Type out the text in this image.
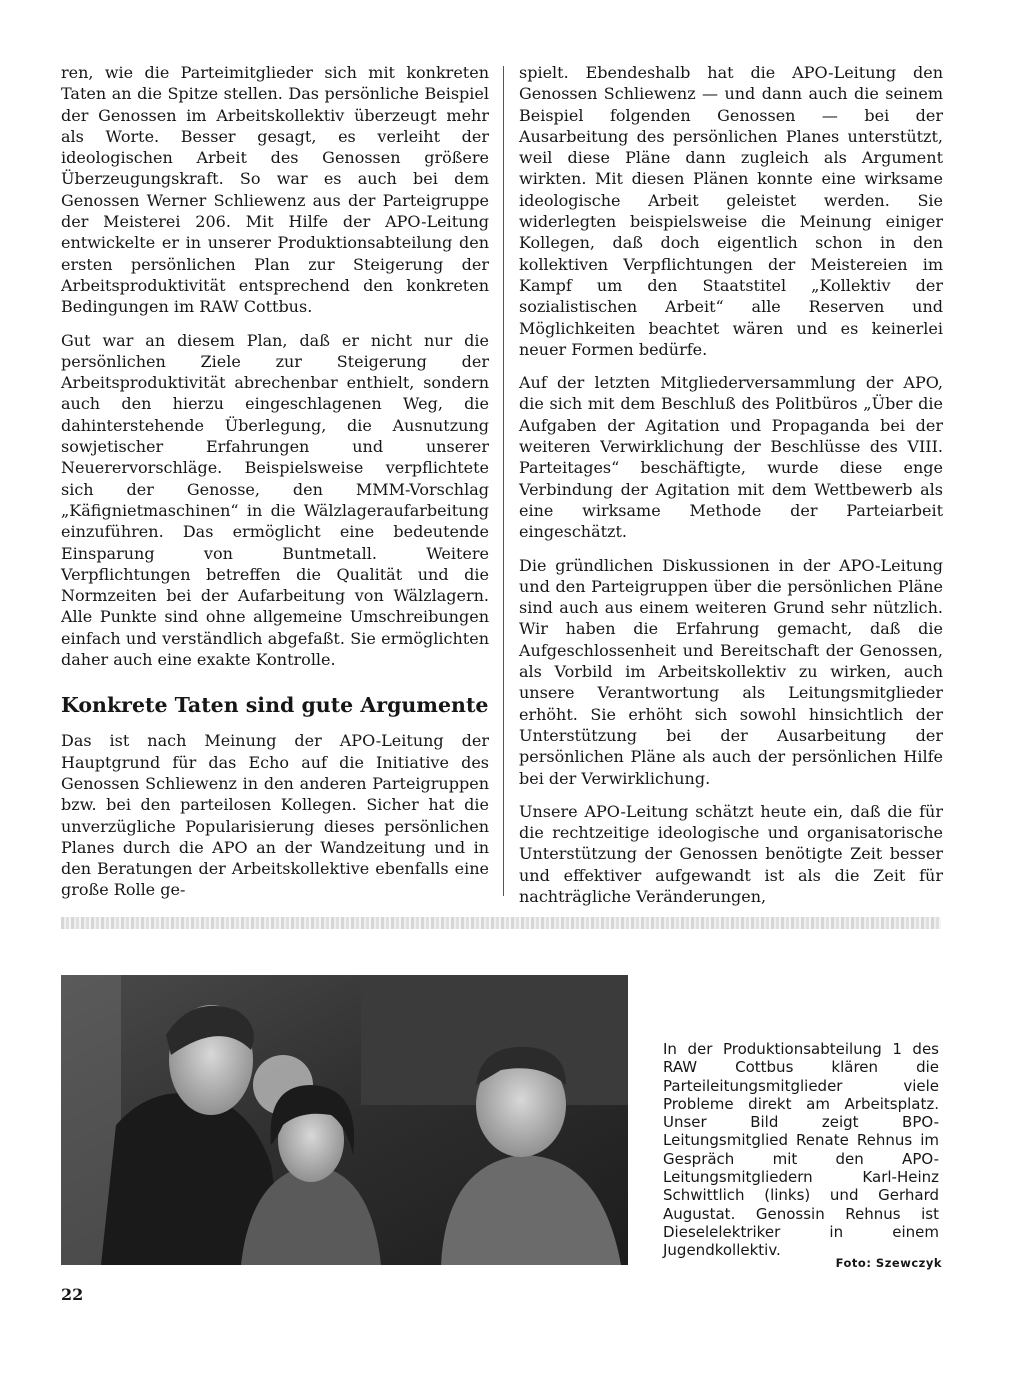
ren, wie die Parteimitglieder sich mit konkreten Taten an die Spitze stellen. Das persönliche Beispiel der Genossen im Arbeitskollektiv überzeugt mehr als Worte. Besser gesagt, es verleiht der ideologischen Arbeit des Genossen größere Überzeugungskraft. So war es auch bei dem Genossen Werner Schliewenz aus der Parteigruppe der Meisterei 206. Mit Hilfe der APO-Leitung entwickelte er in unserer Produktionsabteilung den ersten persönlichen Plan zur Steigerung der Arbeitsproduktivität entsprechend den konkreten Bedingungen im RAW Cottbus.

Gut war an diesem Plan, daß er nicht nur die persönlichen Ziele zur Steigerung der Arbeitsproduktivität abrechenbar enthielt, sondern auch den hierzu eingeschlagenen Weg, die dahinterstehende Überlegung, die Ausnutzung sowjetischer Erfahrungen und unserer Neuerervorschläge. Beispielsweise verpflichtete sich der Genosse, den MMM-Vorschlag „Käfignietmaschinen“ in die Wälzlageraufarbeitung einzuführen. Das ermöglicht eine bedeutende Einsparung von Buntmetall. Weitere Verpflichtungen betreffen die Qualität und die Normzeiten bei der Aufarbeitung von Wälzlagern. Alle Punkte sind ohne allgemeine Umschreibungen einfach und verständlich abgefaßt. Sie ermöglichten daher auch eine exakte Kontrolle.

Konkrete Taten sind gute Argumente

Das ist nach Meinung der APO-Leitung der Hauptgrund für das Echo auf die Initiative des Genossen Schliewenz in den anderen Parteigruppen bzw. bei den parteilosen Kollegen. Sicher hat die unverzügliche Popularisierung dieses persönlichen Planes durch die APO an der Wandzeitung und in den Beratungen der Arbeitskollektive ebenfalls eine große Rolle ge-

spielt. Ebendeshalb hat die APO-Leitung den Genossen Schliewenz — und dann auch die seinem Beispiel folgenden Genossen — bei der Ausarbeitung des persönlichen Planes unterstützt, weil diese Pläne dann zugleich als Argument wirkten. Mit diesen Plänen konnte eine wirksame ideologische Arbeit geleistet werden. Sie widerlegten beispielsweise die Meinung einiger Kollegen, daß doch eigentlich schon in den kollektiven Verpflichtungen der Meistereien im Kampf um den Staatstitel „Kollektiv der sozialistischen Arbeit“ alle Reserven und Möglichkeiten beachtet wären und es keinerlei neuer Formen bedürfe.

Auf der letzten Mitgliederversammlung der APO, die sich mit dem Beschluß des Politbüros „Über die Aufgaben der Agitation und Propaganda bei der weiteren Verwirklichung der Beschlüsse des VIII. Parteitages“ beschäftigte, wurde diese enge Verbindung der Agitation mit dem Wettbewerb als eine wirksame Methode der Parteiarbeit eingeschätzt.

Die gründlichen Diskussionen in der APO-Leitung und den Parteigruppen über die persönlichen Pläne sind auch aus einem weiteren Grund sehr nützlich. Wir haben die Erfahrung gemacht, daß die Aufgeschlossenheit und Bereitschaft der Genossen, als Vorbild im Arbeitskollektiv zu wirken, auch unsere Verantwortung als Leitungsmitglieder erhöht. Sie erhöht sich sowohl hinsichtlich der Unterstützung bei der Ausarbeitung der persönlichen Pläne als auch der persönlichen Hilfe bei der Verwirklichung.

Unsere APO-Leitung schätzt heute ein, daß die für die rechtzeitige ideologische und organisatorische Unterstützung der Genossen benötigte Zeit besser und effektiver aufgewandt ist als die Zeit für nachträgliche Veränderungen,

In der Produktionsabteilung 1 des RAW Cottbus klären die Parteileitungsmitglieder viele Probleme direkt am Arbeitsplatz. Unser Bild zeigt BPO-Leitungsmitglied Renate Rehnus im Gespräch mit den APO-Leitungsmitgliedern Karl-Heinz Schwittlich (links) und Gerhard Augustat. Genossin Rehnus ist Dieselelektriker in einem Jugendkollektiv.
Foto: Szewczyk
22
